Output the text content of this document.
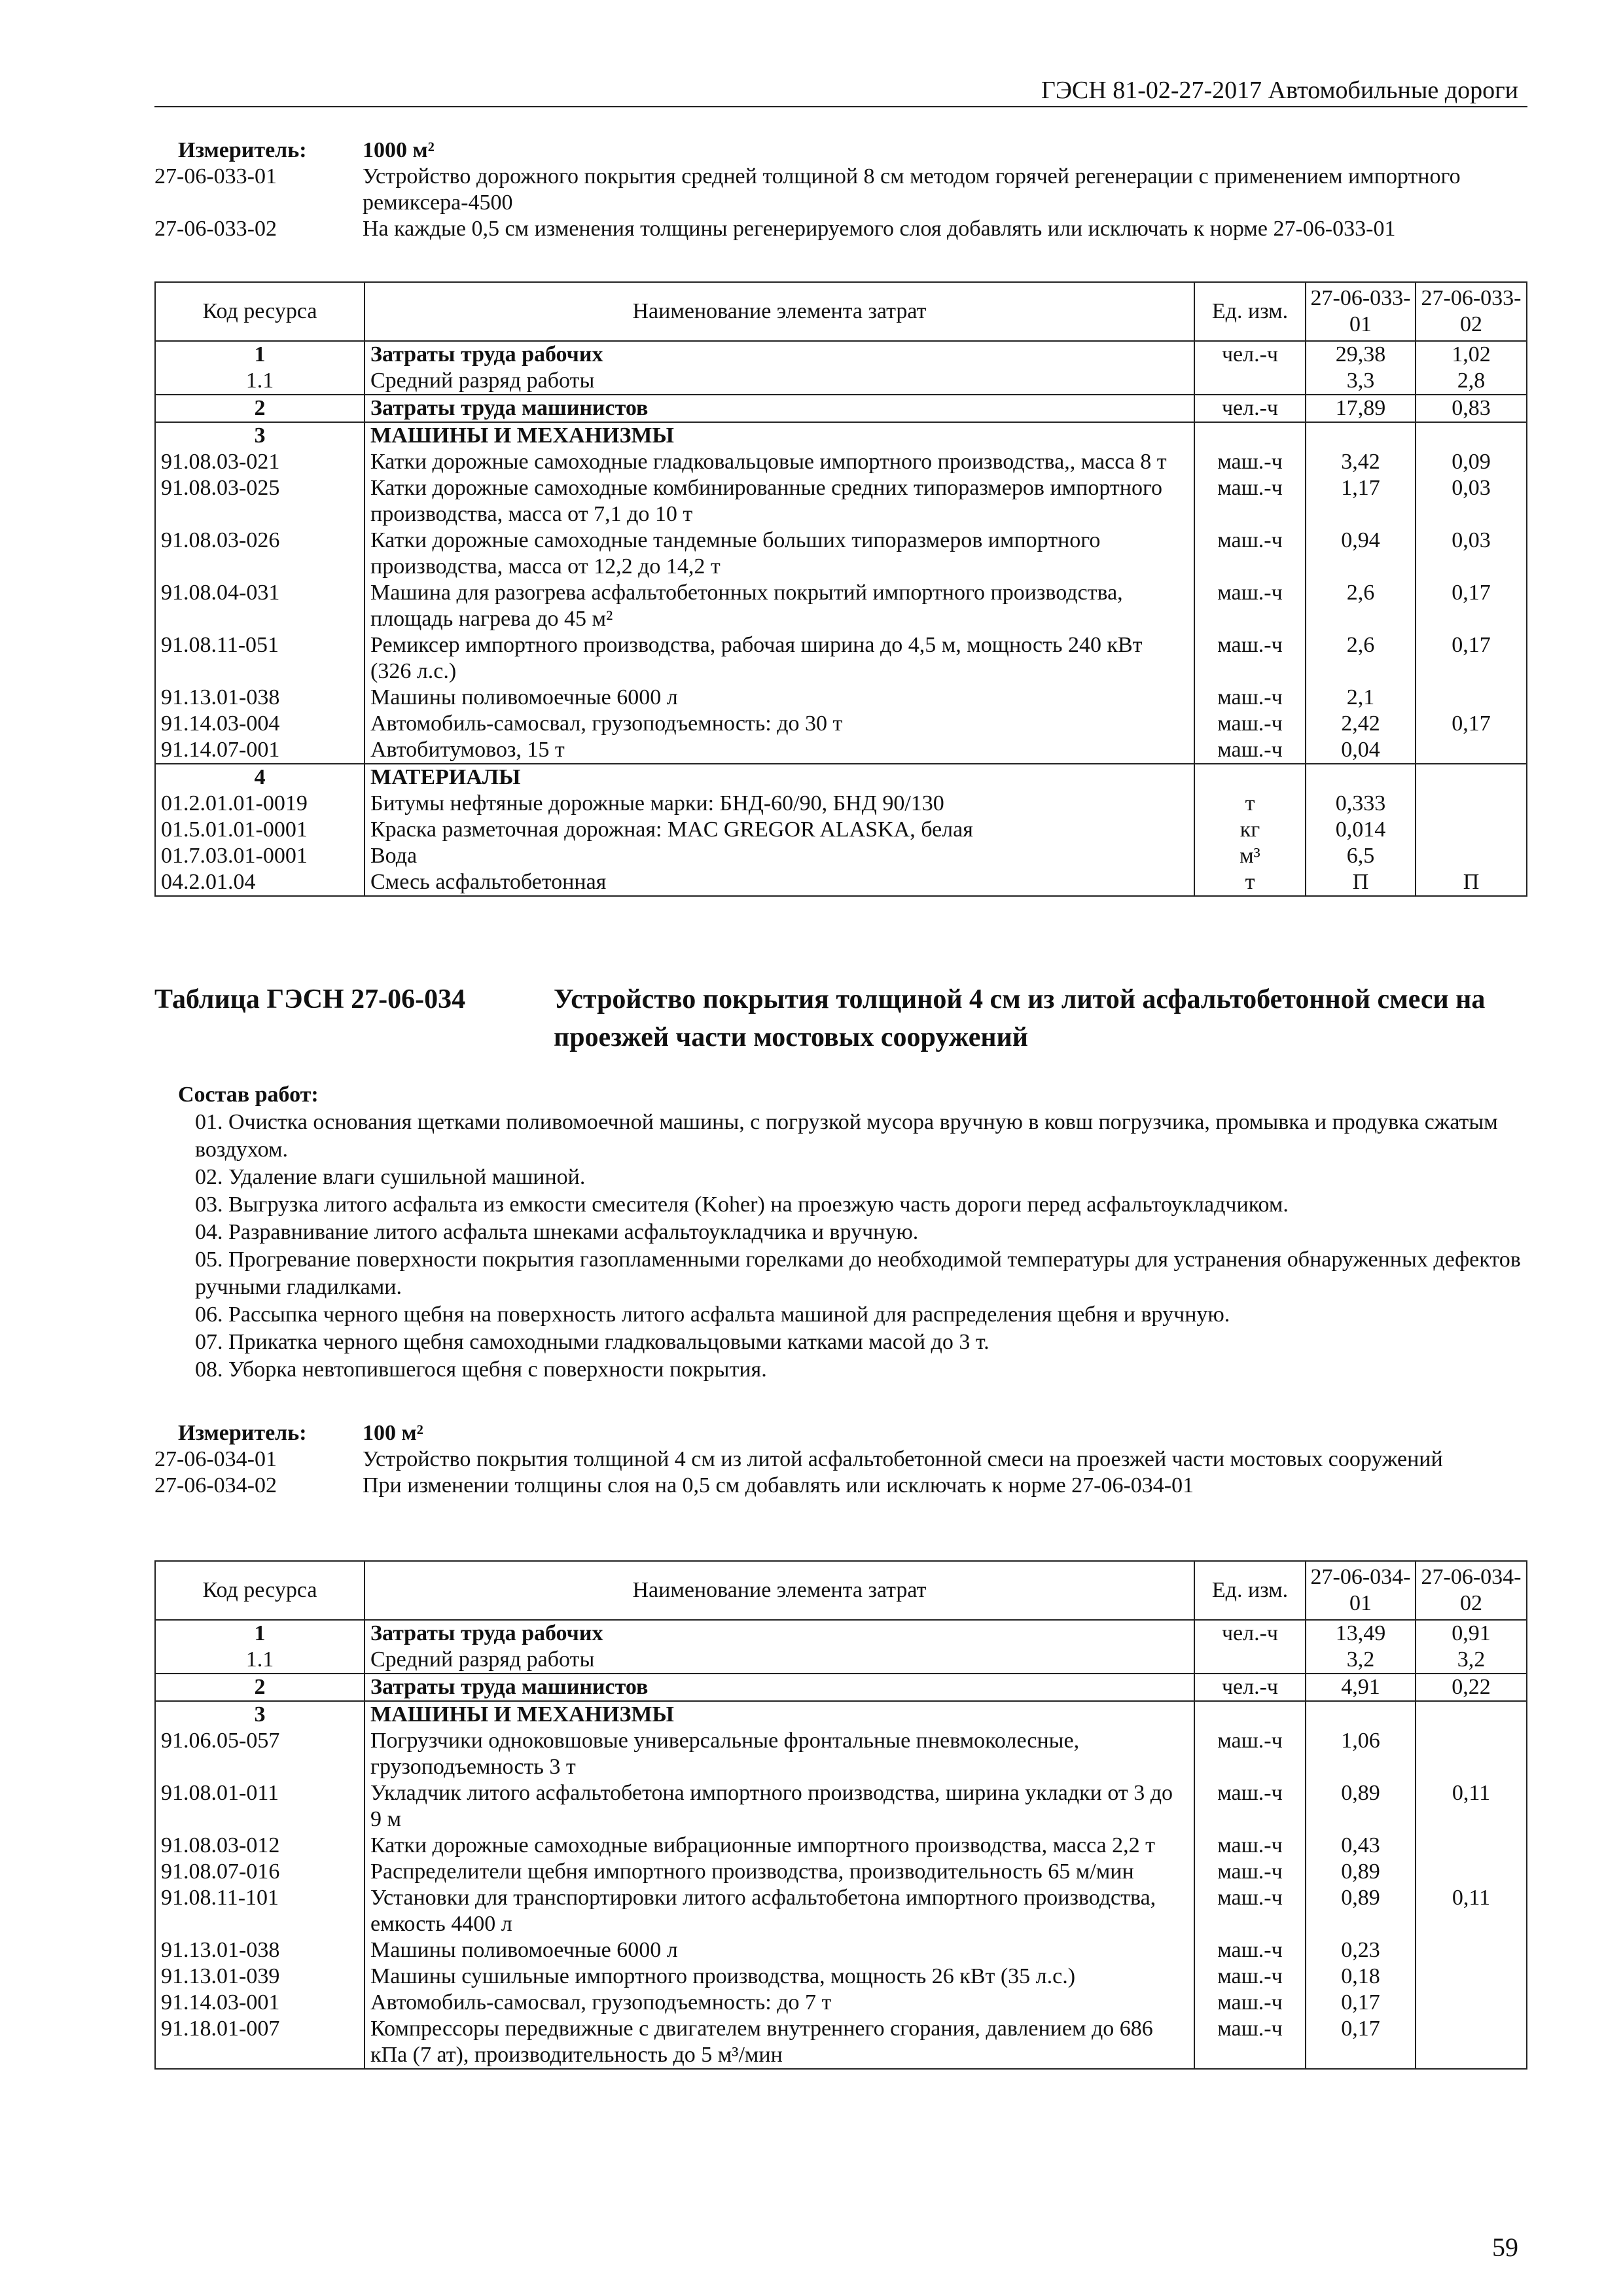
ГЭСН 81-02-27-2017 Автомобильные дороги
Измеритель:	1000 м²
27-06-033-01	Устройство дорожного покрытия средней толщиной 8 см методом горячей регенерации с применением импортного ремиксера-4500
27-06-033-02	На каждые 0,5 см изменения толщины регенерируемого слоя добавлять или исключать к норме 27-06-033-01
Код ресурса	Наименование элемента затрат	Ед. изм.	27-06-033-01	27-06-033-02
1	Затраты труда рабочих	чел.-ч	29,38	1,02
1.1	Средний разряд работы		3,3	2,8
2	Затраты труда машинистов	чел.-ч	17,89	0,83
3	МАШИНЫ И МЕХАНИЗМЫ			
91.08.03-021	Катки дорожные самоходные гладковальцовые импортного производства,, масса 8 т	маш.-ч	3,42	0,09
91.08.03-025	Катки дорожные самоходные комбинированные средних типоразмеров импортного производства, масса от 7,1 до 10 т	маш.-ч	1,17	0,03
91.08.03-026	Катки дорожные самоходные тандемные больших типоразмеров импортного производства, масса от 12,2 до 14,2 т	маш.-ч	0,94	0,03
91.08.04-031	Машина для разогрева асфальтобетонных покрытий импортного производства, площадь нагрева до 45 м²	маш.-ч	2,6	0,17
91.08.11-051	Ремиксер импортного производства, рабочая ширина до 4,5 м, мощность 240 кВт (326 л.с.)	маш.-ч	2,6	0,17
91.13.01-038	Машины поливомоечные 6000 л	маш.-ч	2,1	
91.14.03-004	Автомобиль-самосвал, грузоподъемность: до 30 т	маш.-ч	2,42	0,17
91.14.07-001	Автобитумовоз, 15 т	маш.-ч	0,04	
4	МАТЕРИАЛЫ			
01.2.01.01-0019	Битумы нефтяные дорожные марки: БНД-60/90, БНД 90/130	т	0,333	
01.5.01.01-0001	Краска разметочная дорожная: MAC GREGOR ALASKA, белая	кг	0,014	
01.7.03.01-0001	Вода	м³	6,5	
04.2.01.04	Смесь асфальтобетонная	т	П	П
Таблица ГЭСН 27-06-034	Устройство покрытия толщиной 4 см из литой асфальтобетонной смеси на проезжей части мостовых сооружений
Состав работ:
01. Очистка основания щетками поливомоечной машины, с погрузкой мусора вручную в ковш погрузчика, промывка и продувка сжатым воздухом.
02. Удаление влаги сушильной машиной.
03. Выгрузка литого асфальта из емкости смесителя (Koher) на проезжую часть дороги перед асфальтоукладчиком.
04. Разравнивание литого асфальта шнеками асфальтоукладчика и вручную.
05. Прогревание поверхности покрытия газопламенными горелками до необходимой температуры для устранения обнаруженных дефектов ручными гладилками.
06. Рассыпка черного щебня на поверхность литого асфальта машиной для распределения щебня и вручную.
07. Прикатка черного щебня самоходными гладковальцовыми катками масой до 3 т.
08. Уборка невтопившегося щебня с поверхности покрытия.
Измеритель:	100 м²
27-06-034-01	Устройство покрытия толщиной 4 см из литой асфальтобетонной смеси на проезжей части мостовых сооружений
27-06-034-02	При изменении толщины слоя на 0,5 см добавлять или исключать к норме 27-06-034-01
Код ресурса	Наименование элемента затрат	Ед. изм.	27-06-034-01	27-06-034-02
1	Затраты труда рабочих	чел.-ч	13,49	0,91
1.1	Средний разряд работы		3,2	3,2
2	Затраты труда машинистов	чел.-ч	4,91	0,22
3	МАШИНЫ И МЕХАНИЗМЫ			
91.06.05-057	Погрузчики одноковшовые универсальные фронтальные пневмоколесные, грузоподъемность 3 т	маш.-ч	1,06	
91.08.01-011	Укладчик литого асфальтобетона импортного производства, ширина укладки от 3 до 9 м	маш.-ч	0,89	0,11
91.08.03-012	Катки дорожные самоходные вибрационные импортного производства, масса 2,2 т	маш.-ч	0,43	
91.08.07-016	Распределители щебня импортного производства, производительность 65 м/мин	маш.-ч	0,89	
91.08.11-101	Установки для транспортировки литого асфальтобетона импортного производства, емкость 4400 л	маш.-ч	0,89	0,11
91.13.01-038	Машины поливомоечные 6000 л	маш.-ч	0,23	
91.13.01-039	Машины сушильные импортного производства, мощность 26 кВт (35 л.с.)	маш.-ч	0,18	
91.14.03-001	Автомобиль-самосвал, грузоподъемность: до 7 т	маш.-ч	0,17	
91.18.01-007	Компрессоры передвижные с двигателем внутреннего сгорания, давлением до 686 кПа (7 ат), производительность до 5 м³/мин	маш.-ч	0,17	
59
